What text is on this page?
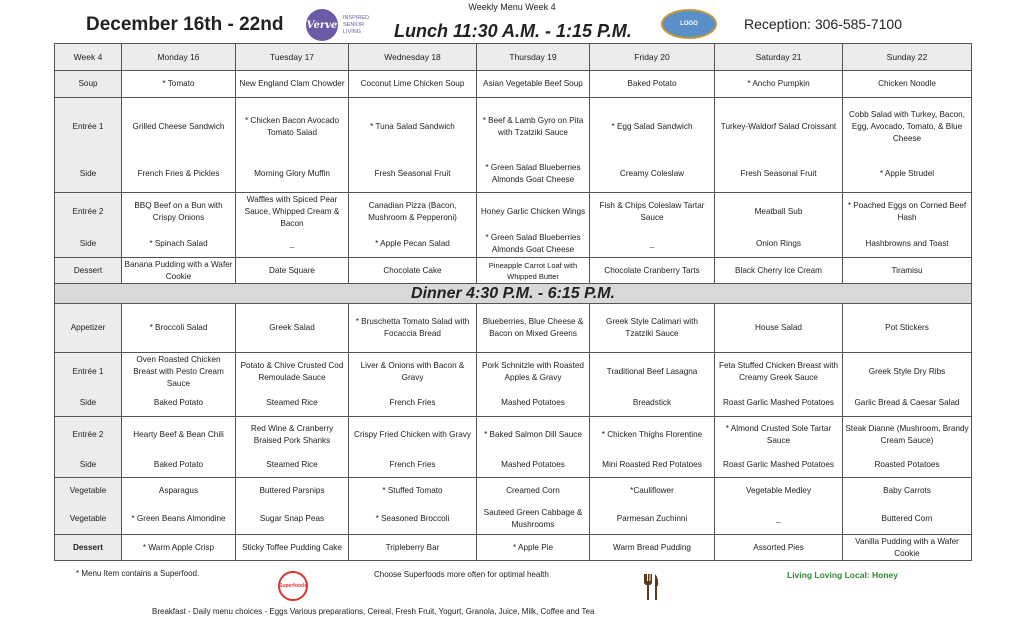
Weekly Menu Week 4
December 16th - 22nd Verve
INSPIRED SENIOR LIVING	Lunch 11:30 A.M. - 1:15 P.M.	LOGO	Reception: 306-585-7100
Week 4	Monday 16	Tuesday 17	Wednesday 18	Thursday 19	Friday 20	Saturday 21	Sunday 22
Soup	* Tomato	New England Clam Chowder	Coconut Lime Chicken Soup	Asian Vegetable Beef Soup	Baked Potato	* Ancho Pumpkin	Chicken Noodle
Entrée 1	Grilled Cheese Sandwich	* Chicken Bacon Avocado Tomato Salad	* Tuna Salad Sandwich	* Beef & Lamb Gyro on Pita with Tzatziki Sauce	* Egg Salad Sandwich	Turkey-Waldorf Salad Croissant	Cobb Salad with Turkey, Bacon, Egg, Avocado, Tomato, & Blue Cheese
Side	French Fries & Pickles	Morning Glory Muffin	Fresh Seasonal Fruit	* Green Salad Blueberries Almonds Goat Cheese	Creamy Coleslaw	Fresh Seasonal Fruit	* Apple Strudel
Entrée 2	BBQ Beef on a Bun with Crispy Onions	Waffles with Spiced Pear Sauce, Whipped Cream & Bacon	Canadian Pizza (Bacon, Mushroom & Pepperoni)	Honey Garlic Chicken Wings	Fish & Chips Coleslaw Tartar Sauce	Meatball Sub	* Poached Eggs on Corned Beef Hash
Side	* Spinach Salad	_	* Apple Pecan Salad	* Green Salad Blueberries Almonds Goat Cheese	_	Onion Rings	Hashbrowns and Toast
Dessert	Banana Pudding with a Wafer Cookie	Date Square	Chocolate Cake	Pineapple Carrot Loaf with Whipped Butter	Chocolate Cranberry Tarts	Black Cherry Ice Cream	Tiramisu
Dinner 4:30 P.M. - 6:15 P.M.							
Appetizer	* Broccoli Salad	Greek Salad	* Bruschetta Tomato Salad with Focaccia Bread	Blueberries, Blue Cheese & Bacon on Mixed Greens	Greek Style Calimari with Tzatziki Sauce	House Salad	Pot Stickers
Entrée 1	Oven Roasted Chicken Breast with Pesto Cream Sauce	Potato & Chive Crusted Cod Remoulade Sauce	Liver & Onions with Bacon & Gravy	Pork Schnitzle with Roasted Apples & Gravy	Traditional Beef Lasagna	Feta Stuffed Chicken Breast with Creamy Greek Sauce	Greek Style Dry Ribs
Side	Baked Potato	Steamed Rice	French Fries	Mashed Potatoes	Breadstick	Roast Garlic Mashed Potatoes	Garlic Bread & Caesar Salad
Entrée 2	Hearty Beef & Bean Chili	Red Wine & Cranberry Braised Pork Shanks	Crispy Fried Chicken with Gravy	* Baked Salmon Dill Sauce	* Chicken Thighs Florentine	* Almond Crusted Sole Tartar Sauce	Steak Dianne (Mushroom, Brandy Cream Sauce)
Side	Baked Potato	Steamed Rice	French Fries	Mashed Potatoes	Mini Roasted Red Potatoes	Roast Garlic Mashed Potatoes	Roasted Potatoes
Vegetable	Asparagus	Buttered Parsnips	* Stuffed Tomato	Creamed Corn	*Cauliflower	Vegetable Medley	Baby Carrots
Vegetable	* Green Beans Almondine	Sugar Snap Peas	* Seasoned Broccoli	Sauteed Green Cabbage & Mushrooms	Parmesan Zuchinni	_	Buttered Corn
Dessert	* Warm Apple Crisp	Sticky Toffee Pudding Cake	Tripleberry Bar	* Apple Pie	Warm Bread Pudding	Assorted Pies	Vanilla Pudding with a Wafer Cookie
* Menu Item contains a Superfood.
Superfoods
Choose Superfoods more often for optimal health	Living Loving Local: Honey
Breakfast - Daily menu choices - Eggs Various preparations, Cereal, Fresh Fruit, Yogurt, Granola, Juice, Milk, Coffee and Tea
